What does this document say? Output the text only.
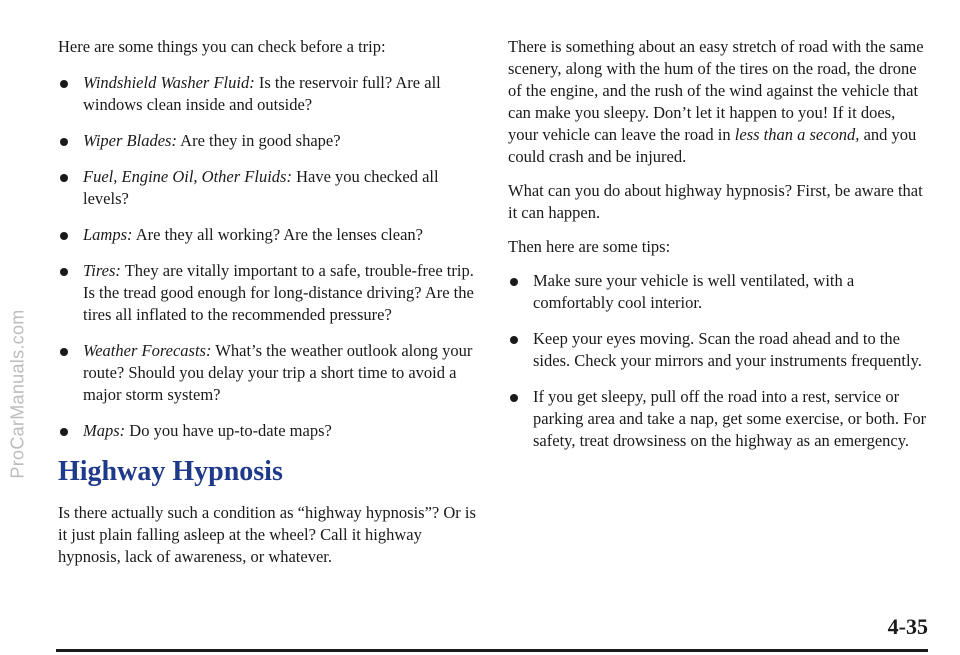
ProCarManuals.com

Here are some things you can check before a trip:

Windshield Washer Fluid: Is the reservoir full? Are all windows clean inside and outside?
Wiper Blades: Are they in good shape?
Fuel, Engine Oil, Other Fluids: Have you checked all levels?
Lamps: Are they all working? Are the lenses clean?
Tires: They are vitally important to a safe, trouble-free trip. Is the tread good enough for long-distance driving? Are the tires all inflated to the recommended pressure?
Weather Forecasts: What’s the weather outlook along your route? Should you delay your trip a short time to avoid a major storm system?
Maps: Do you have up-to-date maps?
Highway Hypnosis

Is there actually such a condition as “highway hypnosis”? Or is it just plain falling asleep at the wheel? Call it highway hypnosis, lack of awareness, or whatever.

There is something about an easy stretch of road with the same scenery, along with the hum of the tires on the road, the drone of the engine, and the rush of the wind against the vehicle that can make you sleepy. Don’t let it happen to you! If it does, your vehicle can leave the road in less than a second, and you could crash and be injured.

What can you do about highway hypnosis? First, be aware that it can happen.

Then here are some tips:

Make sure your vehicle is well ventilated, with a comfortably cool interior.
Keep your eyes moving. Scan the road ahead and to the sides. Check your mirrors and your instruments frequently.
If you get sleepy, pull off the road into a rest, service or parking area and take a nap, get some exercise, or both. For safety, treat drowsiness on the highway as an emergency.
4-35
